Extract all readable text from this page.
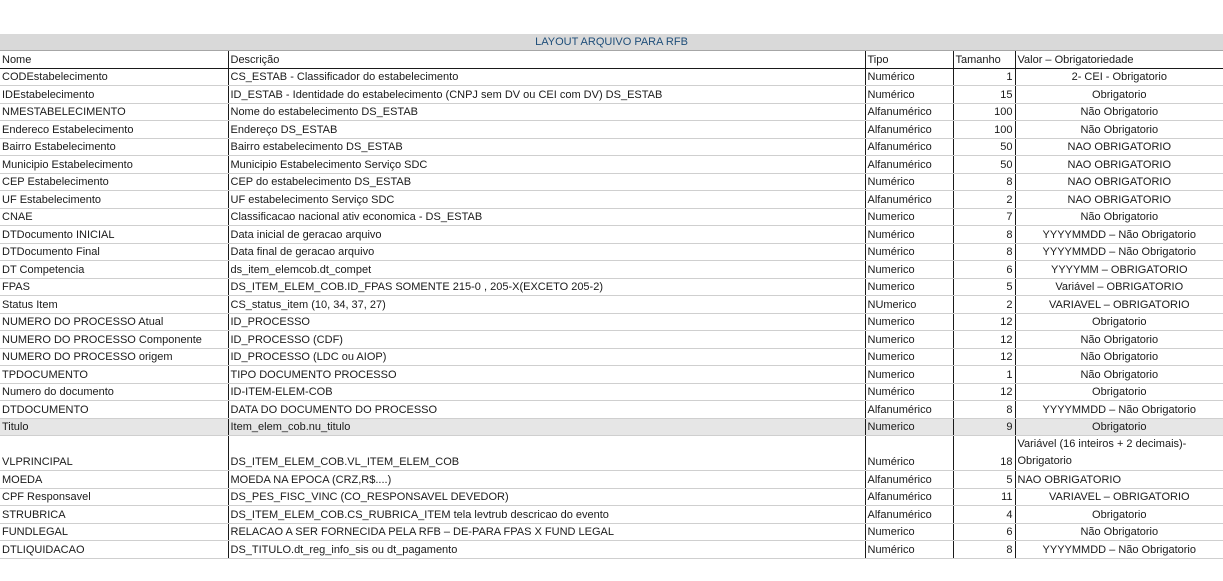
LAYOUT ARQUIVO PARA RFB				
Nome	Descrição	Tipo	Tamanho	Valor – Obrigatoriedade
CODEstabelecimento	CS_ESTAB - Classificador do estabelecimento	Numérico	1	2- CEI - Obrigatorio
IDEstabelecimento	ID_ESTAB - Identidade do estabelecimento (CNPJ sem DV ou CEI com DV) DS_ESTAB	Numérico	15	Obrigatorio
NMESTABELECIMENTO	Nome do estabelecimento DS_ESTAB	Alfanumérico	100	Não Obrigatorio
Endereco Estabelecimento	Endereço DS_ESTAB	Alfanumérico	100	Não Obrigatorio
Bairro Estabelecimento	Bairro estabelecimento DS_ESTAB	Alfanumérico	50	NAO OBRIGATORIO
Municipio Estabelecimento	Municipio Estabelecimento Serviço SDC	Alfanumérico	50	NAO OBRIGATORIO
CEP Estabelecimento	CEP do estabelecimento DS_ESTAB	Numérico	8	NAO OBRIGATORIO
UF Estabelecimento	UF estabelecimento Serviço SDC	Alfanumérico	2	NAO OBRIGATORIO
CNAE	Classificacao nacional ativ economica - DS_ESTAB	Numerico	7	Não Obrigatorio
DTDocumento INICIAL	Data inicial de geracao arquivo	Numérico	8	YYYYMMDD – Não Obrigatorio
DTDocumento Final	Data final de geracao arquivo	Numérico	8	YYYYMMDD – Não Obrigatorio
DT Competencia	ds_item_elemcob.dt_compet	Numerico	6	YYYYMM – OBRIGATORIO
FPAS	DS_ITEM_ELEM_COB.ID_FPAS SOMENTE 215-0 , 205-X(EXCETO 205-2)	Numerico	5	Variável – OBRIGATORIO
Status Item	CS_status_item (10, 34, 37, 27)	NUmerico	2	VARIAVEL – OBRIGATORIO
NUMERO DO PROCESSO Atual	ID_PROCESSO	Numerico	12	Obrigatorio
NUMERO DO PROCESSO Componente	ID_PROCESSO (CDF)	Numerico	12	Não Obrigatorio
NUMERO DO PROCESSO origem	ID_PROCESSO (LDC ou AIOP)	Numerico	12	Não Obrigatorio
TPDOCUMENTO	TIPO DOCUMENTO PROCESSO	Numerico	1	Não Obrigatorio
Numero do documento	ID-ITEM-ELEM-COB	Numérico	12	Obrigatorio
DTDOCUMENTO	DATA DO DOCUMENTO DO PROCESSO	Alfanumérico	8	YYYYMMDD – Não Obrigatorio
Titulo	Item_elem_cob.nu_titulo	Numerico	9	Obrigatorio
VLPRINCIPAL	DS_ITEM_ELEM_COB.VL_ITEM_ELEM_COB	Numérico	18	Variável (16 inteiros + 2 decimais)- Obrigatorio
MOEDA	MOEDA NA EPOCA (CRZ,R$....)	Alfanumérico	5	NAO OBRIGATORIO
CPF Responsavel	DS_PES_FISC_VINC (CO_RESPONSAVEL DEVEDOR)	Alfanumérico	11	VARIAVEL – OBRIGATORIO
STRUBRICA	DS_ITEM_ELEM_COB.CS_RUBRICA_ITEM tela levtrub descricao do evento	Alfanumérico	4	Obrigatorio
FUNDLEGAL	RELACAO A SER FORNECIDA PELA RFB – DE-PARA FPAS X FUND LEGAL	Numerico	6	Não Obrigatorio
DTLIQUIDACAO	DS_TITULO.dt_reg_info_sis ou dt_pagamento	Numérico	8	YYYYMMDD – Não Obrigatorio
